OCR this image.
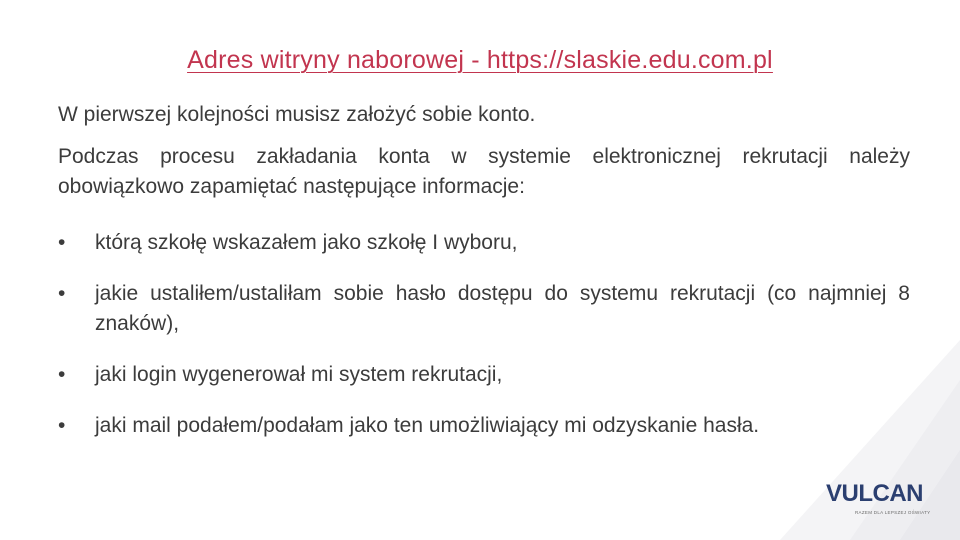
Adres witryny naborowej - https://slaskie.edu.com.pl

W pierwszej kolejności musisz założyć sobie konto.

Podczas procesu zakładania konta w systemie elektronicznej rekrutacji należy obowiązkowo zapamiętać następujące informacje:

•	którą szkołę wskazałem jako szkołę I wyboru,
•	jakie ustaliłem/ustaliłam sobie hasło dostępu do systemu rekrutacji (co najmniej 8 znaków),
•	jaki login wygenerował mi system rekrutacji,
•	jaki mail podałem/podałam jako ten umożliwiający mi odzyskanie hasła.
VULCAN
RAZEM DLA LEPSZEJ OŚWIATY
